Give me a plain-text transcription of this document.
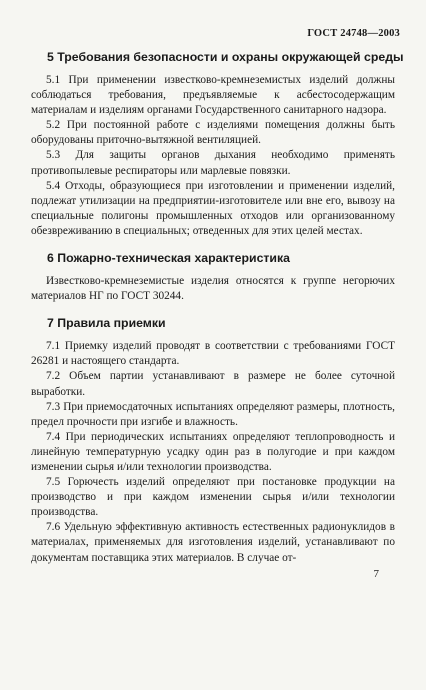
ГОСТ 24748—2003
5 Требования безопасности и охраны окружающей среды

5.1 При применении известково-кремнеземистых изделий должны соблюдаться требования, предъявляемые к асбестосодержащим материалам и изделиям органами Государственного санитарного надзора.

5.2 При постоянной работе с изделиями помещения должны быть оборудованы приточно-вытяжной вентиляцией.

5.3 Для защиты органов дыхания необходимо применять противопылевые респираторы или марлевые повязки.

5.4 Отходы, образующиеся при изготовлении и применении изделий, подлежат утилизации на предприятии-изготовителе или вне его, вывозу на специальные полигоны промышленных отходов или организованному обезвреживанию в специальных; отведенных для этих целей местах.

6 Пожарно-техническая характеристика

Известково-кремнеземистые изделия относятся к группе негорючих материалов НГ по ГОСТ 30244.

7 Правила приемки

7.1 Приемку изделий проводят в соответствии с требованиями ГОСТ 26281 и настоящего стандарта.

7.2 Объем партии устанавливают в размере не более суточной выработки.

7.3 При приемосдаточных испытаниях определяют размеры, плотность, предел прочности при изгибе и влажность.

7.4 При периодических испытаниях определяют теплопроводность и линейную температурную усадку один раз в полугодие и при каждом изменении сырья и/или технологии производства.

7.5 Горючесть изделий определяют при постановке продукции на производство и при каждом изменении сырья и/или технологии производства.

7.6 Удельную эффективную активность естественных радионуклидов в материалах, применяемых для изготовления изделий, устанавливают по документам поставщика этих материалов. В случае от-

7
